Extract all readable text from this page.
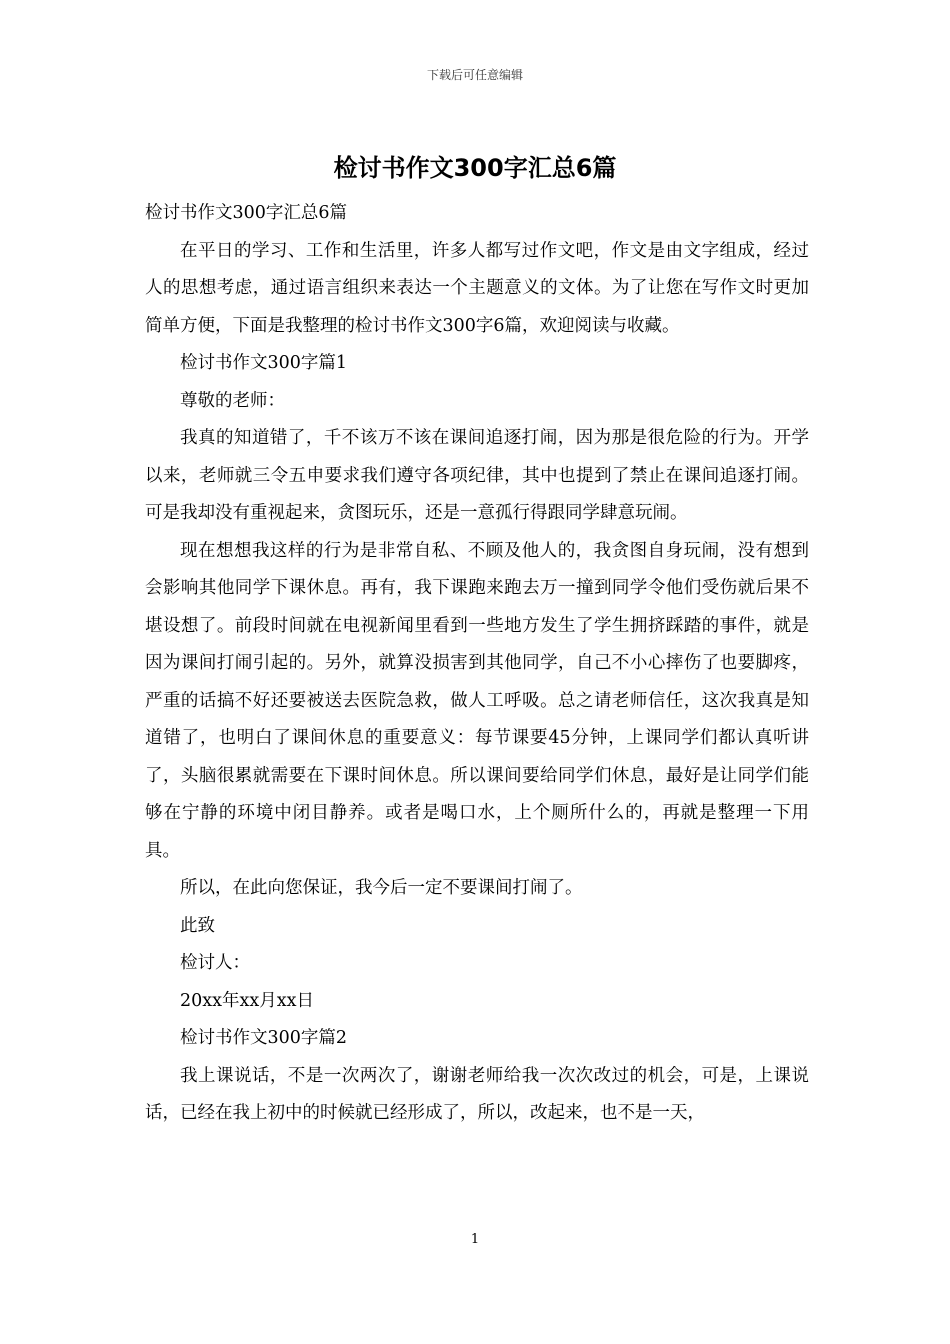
下载后可任意编辑
检讨书作文300字汇总6篇

检讨书作文300字汇总6篇

在平日的学习、工作和生活里，许多人都写过作文吧，作文是由文字组成，经过人的思想考虑，通过语言组织来表达一个主题意义的文体。为了让您在写作文时更加简单方便，下面是我整理的检讨书作文300字6篇，欢迎阅读与收藏。

检讨书作文300字篇1

尊敬的老师：

我真的知道错了，千不该万不该在课间追逐打闹，因为那是很危险的行为。开学以来，老师就三令五申要求我们遵守各项纪律，其中也提到了禁止在课间追逐打闹。可是我却没有重视起来，贪图玩乐，还是一意孤行得跟同学肆意玩闹。

现在想想我这样的行为是非常自私、不顾及他人的，我贪图自身玩闹，没有想到会影响其他同学下课休息。再有，我下课跑来跑去万一撞到同学令他们受伤就后果不堪设想了。前段时间就在电视新闻里看到一些地方发生了学生拥挤踩踏的事件，就是因为课间打闹引起的。另外，就算没损害到其他同学，自己不小心摔伤了也要脚疼，严重的话搞不好还要被送去医院急救，做人工呼吸。总之请老师信任，这次我真是知道错了，也明白了课间休息的重要意义：每节课要45分钟，上课同学们都认真听讲了，头脑很累就需要在下课时间休息。所以课间要给同学们休息，最好是让同学们能够在宁静的环境中闭目静养。或者是喝口水，上个厕所什么的，再就是整理一下用具。

所以，在此向您保证，我今后一定不要课间打闹了。

此致

检讨人：

20xx年xx月xx日

检讨书作文300字篇2

我上课说话，不是一次两次了，谢谢老师给我一次次改过的机会，可是，上课说话，已经在我上初中的时候就已经形成了，所以，改起来，也不是一天，

1
